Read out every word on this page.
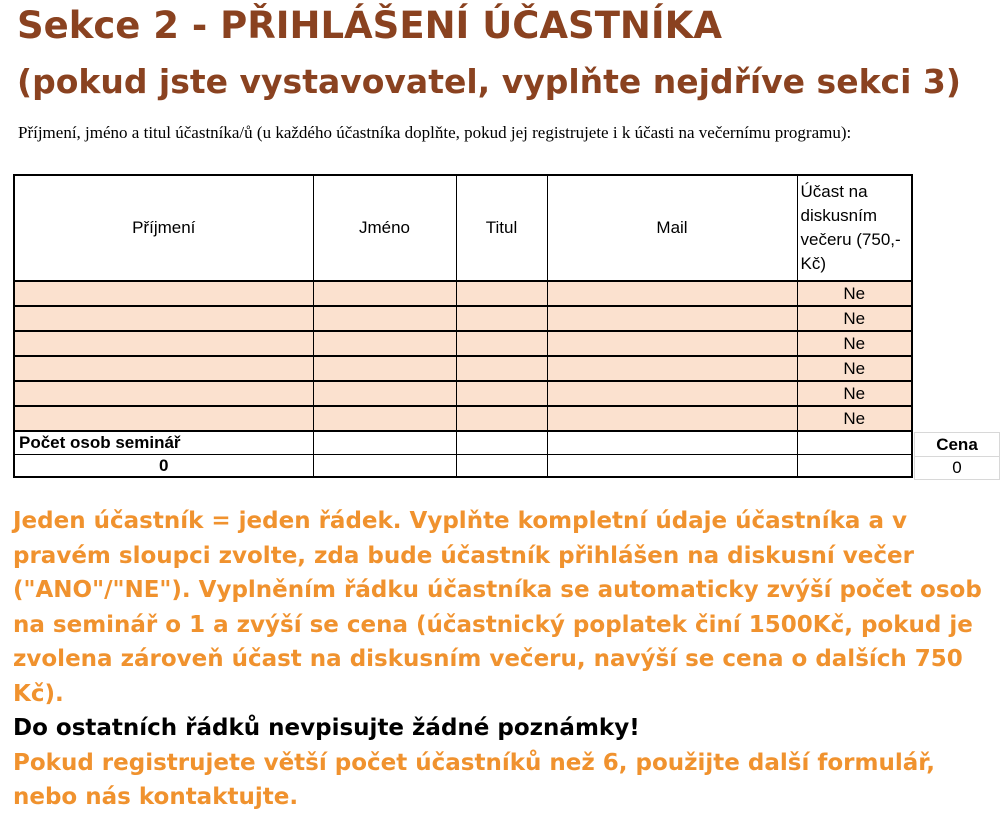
Sekce 2 - PŘIHLÁŠENÍ ÚČASTNÍKA
(pokud jste vystavovatel, vyplňte nejdříve sekci 3)

Příjmení, jméno a titul účastníka/ů (u každého účastníka doplňte, pokud jej registrujete i k účasti na večernímu programu):

Příjmení	Jméno	Titul	Mail	Účast na diskusním večeru (750,- Kč)
				Ne
				Ne
				Ne
				Ne
				Ne
				Ne
Počet osob seminář				
0				
Cena
0

Jeden účastník = jeden řádek. Vyplňte kompletní údaje účastníka a v pravém sloupci zvolte, zda bude účastník přihlášen na diskusní večer ("ANO"/"NE"). Vyplněním řádku účastníka se automaticky zvýší počet osob na seminář o 1 a zvýší se cena (účastnický poplatek činí 1500Kč, pokud je zvolena zároveň účast na diskusním večeru, navýší se cena o dalších 750 Kč).

Do ostatních řádků nevpisujte žádné poznámky!

Pokud registrujete větší počet účastníků než 6, použijte další formulář, nebo nás kontaktujte.
